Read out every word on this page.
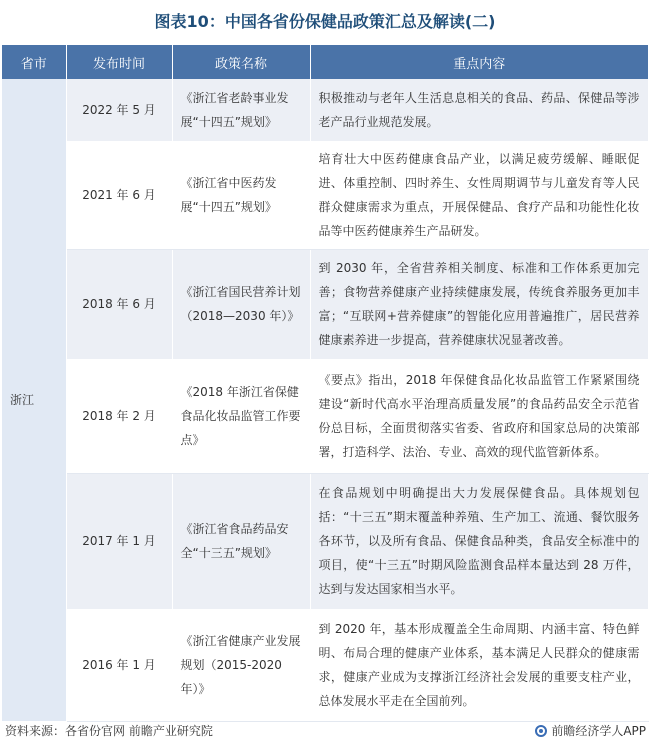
图表10：中国各省份保健品政策汇总及解读(二)
省市	发布时间	政策名称	重点内容
浙江	2022 年 5 月	《浙江省老龄事业发展“十四五”规划》	积极推动与老年人生活息息相关的食品、药品、保健品等涉老产品行业规范发展。
	2021 年 6 月	《浙江省中医药发展“十四五”规划》	培育壮大中医药健康食品产业，以满足疲劳缓解、睡眠促进、体重控制、四时养生、女性周期调节与儿童发育等人民群众健康需求为重点，开展保健品、食疗产品和功能性化妆品等中医药健康养生产品研发。
	2018 年 6 月	《浙江省国民营养计划（2018—2030 年）》	到 2030 年，全省营养相关制度、标准和工作体系更加完善；食物营养健康产业持续健康发展，传统食养服务更加丰富；“互联网+营养健康”的智能化应用普遍推广，居民营养健康素养进一步提高，营养健康状况显著改善。
	2018 年 2 月	《2018 年浙江省保健食品化妆品监管工作要点》	《要点》指出，2018 年保健食品化妆品监管工作紧紧围绕建设“新时代高水平治理高质量发展”的食品药品安全示范省份总目标，全面贯彻落实省委、省政府和国家总局的决策部署，打造科学、法治、专业、高效的现代监管新体系。
	2017 年 1 月	《浙江省食品药品安全“十三五”规划》	在食品规划中明确提出大力发展保健食品。具体规划包括：“十三五”期末覆盖种养殖、生产加工、流通、餐饮服务各环节，以及所有食品、保健食品种类，食品安全标准中的项目，使“十三五”时期风险监测食品样本量达到 28 万件，达到与发达国家相当水平。
	2016 年 1 月	《浙江省健康产业发展规划（2015-2020 年）》	到 2020 年，基本形成覆盖全生命周期、内涵丰富、特色鲜明、布局合理的健康产业体系，基本满足人民群众的健康需求，健康产业成为支撑浙江经济社会发展的重要支柱产业，总体发展水平走在全国前列。
资料来源：各省份官网 前瞻产业研究院	前瞻经济学人APP
